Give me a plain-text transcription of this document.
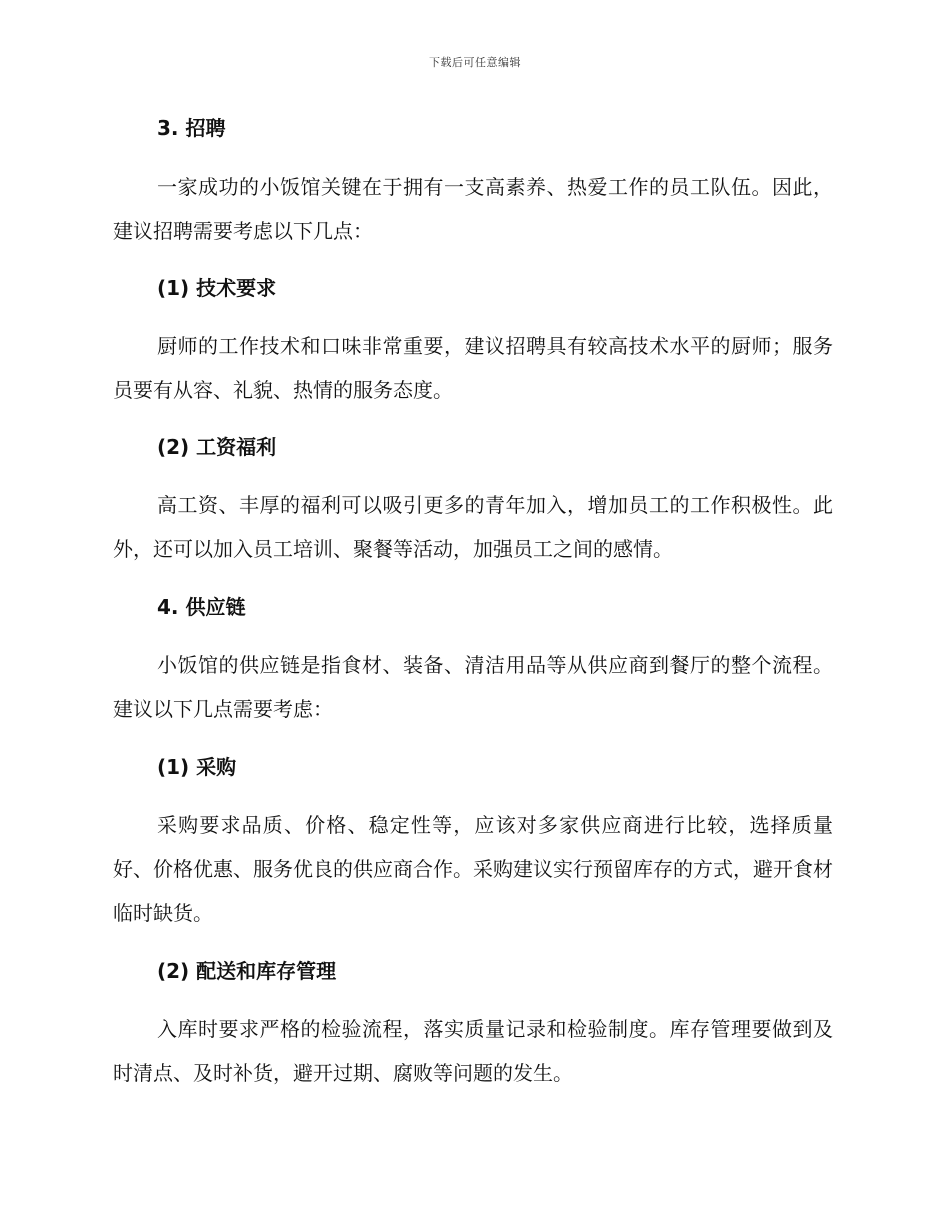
下载后可任意编辑
3. 招聘
一家成功的小饭馆关键在于拥有一支高素养、热爱工作的员工队伍。因此，建议招聘需要考虑以下几点：
(1) 技术要求
厨师的工作技术和口味非常重要，建议招聘具有较高技术水平的厨师；服务员要有从容、礼貌、热情的服务态度。
(2) 工资福利
高工资、丰厚的福利可以吸引更多的青年加入，增加员工的工作积极性。此外，还可以加入员工培训、聚餐等活动，加强员工之间的感情。
4. 供应链
小饭馆的供应链是指食材、装备、清洁用品等从供应商到餐厅的整个流程。建议以下几点需要考虑：
(1) 采购
采购要求品质、价格、稳定性等，应该对多家供应商进行比较，选择质量好、价格优惠、服务优良的供应商合作。采购建议实行预留库存的方式，避开食材临时缺货。
(2) 配送和库存管理
入库时要求严格的检验流程，落实质量记录和检验制度。库存管理要做到及时清点、及时补货，避开过期、腐败等问题的发生。
